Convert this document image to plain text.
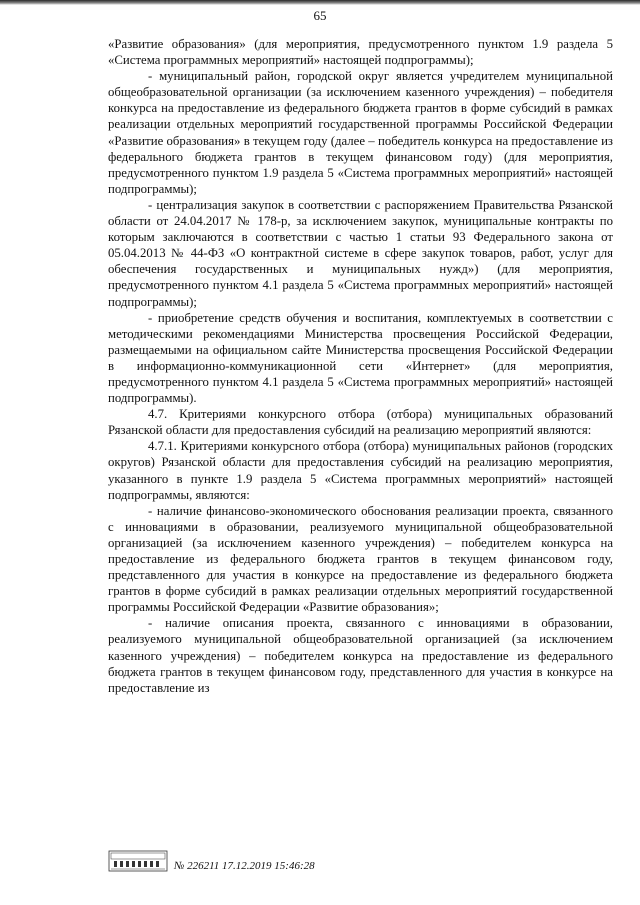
65

«Развитие образования» (для мероприятия, предусмотренного пунктом 1.9 раздела 5 «Система программных мероприятий» настоящей подпрограммы);

- муниципальный район, городской округ является учредителем муниципальной общеобразовательной организации (за исключением казенного учреждения) – победителя конкурса на предоставление из федерального бюджета грантов в форме субсидий в рамках реализации отдельных мероприятий государственной программы Российской Федерации «Развитие образования» в текущем году (далее – победитель конкурса на предоставление из федерального бюджета грантов в текущем финансовом году) (для мероприятия, предусмотренного пунктом 1.9 раздела 5 «Система программных мероприятий» настоящей подпрограммы);

- централизация закупок в соответствии с распоряжением Правительства Рязанской области от 24.04.2017 № 178-р, за исключением закупок, муниципальные контракты по которым заключаются в соответствии с частью 1 статьи 93 Федерального закона от 05.04.2013 № 44-ФЗ «О контрактной системе в сфере закупок товаров, работ, услуг для обеспечения государственных и муниципальных нужд») (для мероприятия, предусмотренного пунктом 4.1 раздела 5 «Система программных мероприятий» настоящей подпрограммы);

- приобретение средств обучения и воспитания, комплектуемых в соответствии с методическими рекомендациями Министерства просвещения Российской Федерации, размещаемыми на официальном сайте Министерства просвещения Российской Федерации в информационно-коммуникационной сети «Интернет» (для мероприятия, предусмотренного пунктом 4.1 раздела 5 «Система программных мероприятий» настоящей подпрограммы).

4.7. Критериями конкурсного отбора (отбора) муниципальных образований Рязанской области для предоставления субсидий на реализацию мероприятий являются:

4.7.1. Критериями конкурсного отбора (отбора) муниципальных районов (городских округов) Рязанской области для предоставления субсидий на реализацию мероприятия, указанного в пункте 1.9 раздела 5 «Система программных мероприятий» настоящей подпрограммы, являются:

- наличие финансово-экономического обоснования реализации проекта, связанного с инновациями в образовании, реализуемого муниципальной общеобразовательной организацией (за исключением казенного учреждения) – победителем конкурса на предоставление из федерального бюджета грантов в текущем финансовом году, представленного для участия в конкурсе на предоставление из федерального бюджета грантов в форме субсидий в рамках реализации отдельных мероприятий государственной программы Российской Федерации «Развитие образования»;

- наличие описания проекта, связанного с инновациями в образовании, реализуемого муниципальной общеобразовательной организацией (за исключением казенного учреждения) – победителем конкурса на предоставление из федерального бюджета грантов в текущем финансовом году, представленного для участия в конкурсе на предоставление из

№ 226211 17.12.2019 15:46:28
